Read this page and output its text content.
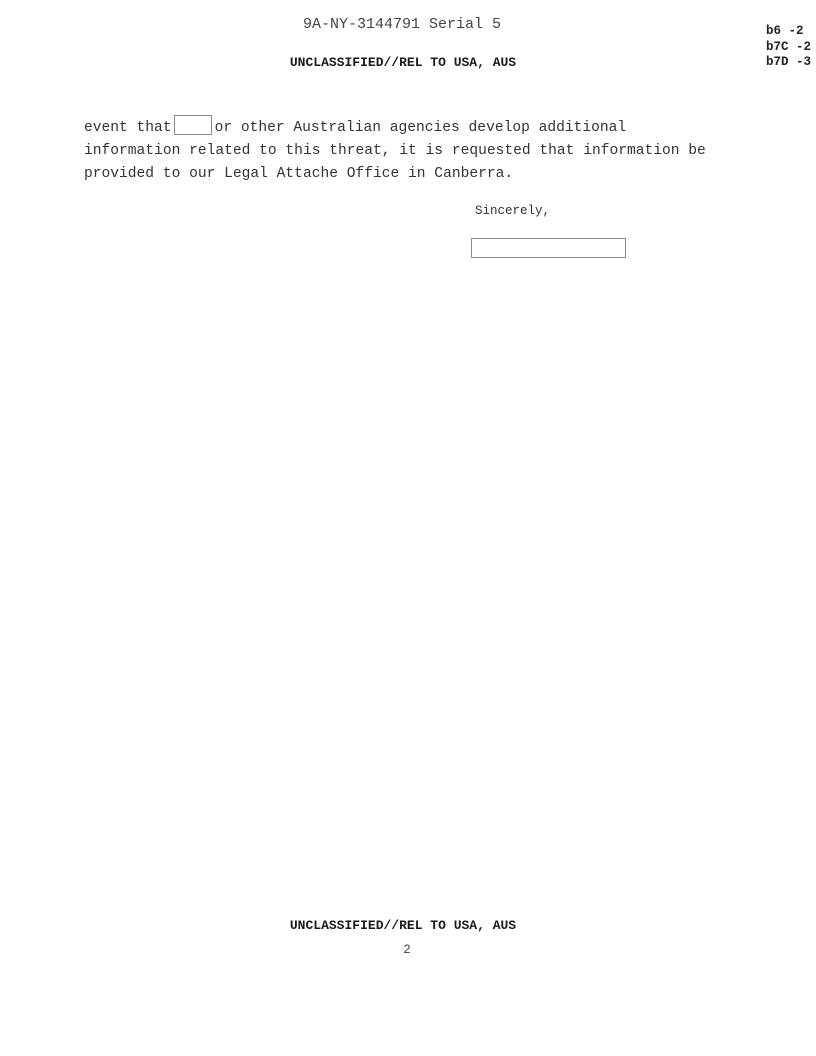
9A-NY-3144791 Serial 5	b6 -2
b7C -2
b7D -3
UNCLASSIFIED//REL TO USA, AUS
event that	or other Australian agencies develop additional
information related to this threat, it is requested that information be
provided to our Legal Attache Office in Canberra.
Sincerely,
UNCLASSIFIED//REL TO USA, AUS
2
